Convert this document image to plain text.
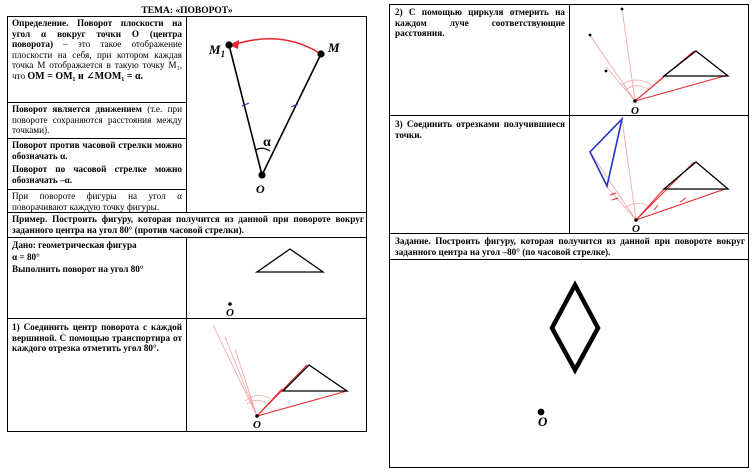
ТЕМА: «ПОВОРОТ»
Определение. Поворот плоскости на угол α вокруг точки O (центра поворота) – это такое отображение плоскости на себя, при котором каждая точка M отображается в такую точку M₁, что OM = OM₁ и ∠MOM₁ = α.
Поворот является движением (т.е. при повороте сохраняются расстояния между точками).
Поворот против часовой стрелки можно обозначать α.
Поворот по часовой стрелке можно обозначать –α.
При повороте фигуры на угол α поворачивают каждую точку фигуры.
$M_1$	M
α
O
Пример. Построить фигуру, которая получится из данной при повороте вокруг заданного центра на угол 80° (против часовой стрелки).
Дано: геометрическая фигура
α = 80°
Выполнить поворот на угол 80°
O
1) Соединить центр поворота с каждой вершиной. С помощью транспортира от каждого отрезка отметить угол 80°.
O
2) С помощью циркуля отмерить на каждом луче соответствующие расстояния.
O
3) Соединить отрезками получившиеся точки.
O
Задание. Построить фигуру, которая получится из данной при повороте вокруг заданного центра на угол –80° (по часовой стрелке).
O
